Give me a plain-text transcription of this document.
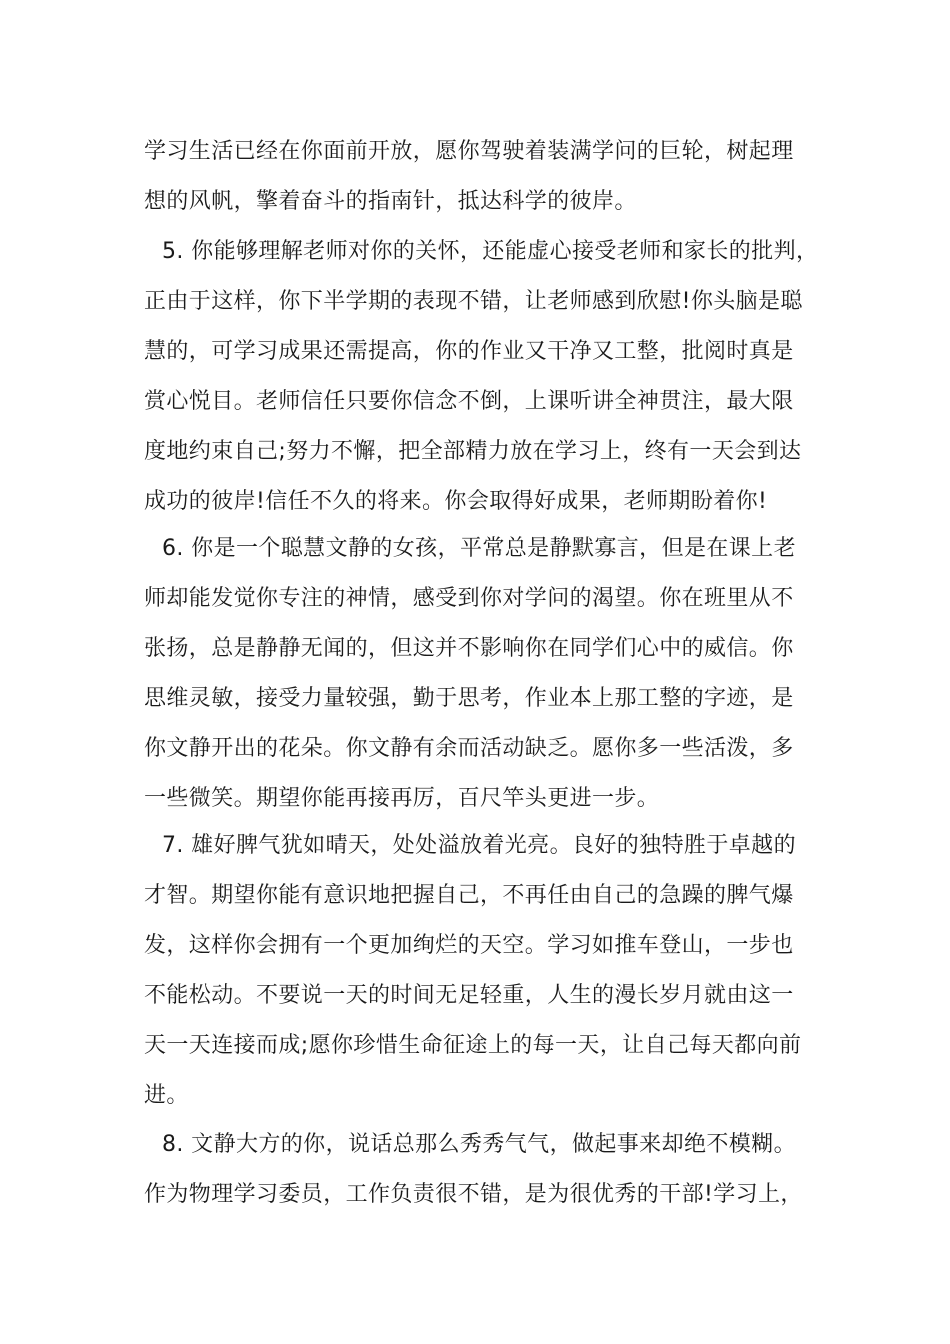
学习生活已经在你面前开放，愿你驾驶着装满学问的巨轮，树起理
想的风帆，擎着奋斗的指南针，抵达科学的彼岸。
5. 你能够理解老师对你的关怀，还能虚心接受老师和家长的批判，
正由于这样，你下半学期的表现不错，让老师感到欣慰!你头脑是聪
慧的，可学习成果还需提高，你的作业又干净又工整，批阅时真是
赏心悦目。老师信任只要你信念不倒，上课听讲全神贯注，最大限
度地约束自己;努力不懈，把全部精力放在学习上，终有一天会到达
成功的彼岸!信任不久的将来。你会取得好成果，老师期盼着你!
6. 你是一个聪慧文静的女孩，平常总是静默寡言，但是在课上老
师却能发觉你专注的神情，感受到你对学问的渴望。你在班里从不
张扬，总是静静无闻的，但这并不影响你在同学们心中的威信。你
思维灵敏，接受力量较强，勤于思考，作业本上那工整的字迹，是
你文静开出的花朵。你文静有余而活动缺乏。愿你多一些活泼，多
一些微笑。期望你能再接再厉，百尺竿头更进一步。
7. 雄好脾气犹如晴天，处处溢放着光亮。良好的独特胜于卓越的
才智。期望你能有意识地把握自己，不再任由自己的急躁的脾气爆
发，这样你会拥有一个更加绚烂的天空。学习如推车登山，一步也
不能松动。不要说一天的时间无足轻重，人生的漫长岁月就由这一
天一天连接而成;愿你珍惜生命征途上的每一天，让自己每天都向前
进。
8. 文静大方的你，说话总那么秀秀气气，做起事来却绝不模糊。
作为物理学习委员，工作负责很不错，是为很优秀的干部!学习上，
